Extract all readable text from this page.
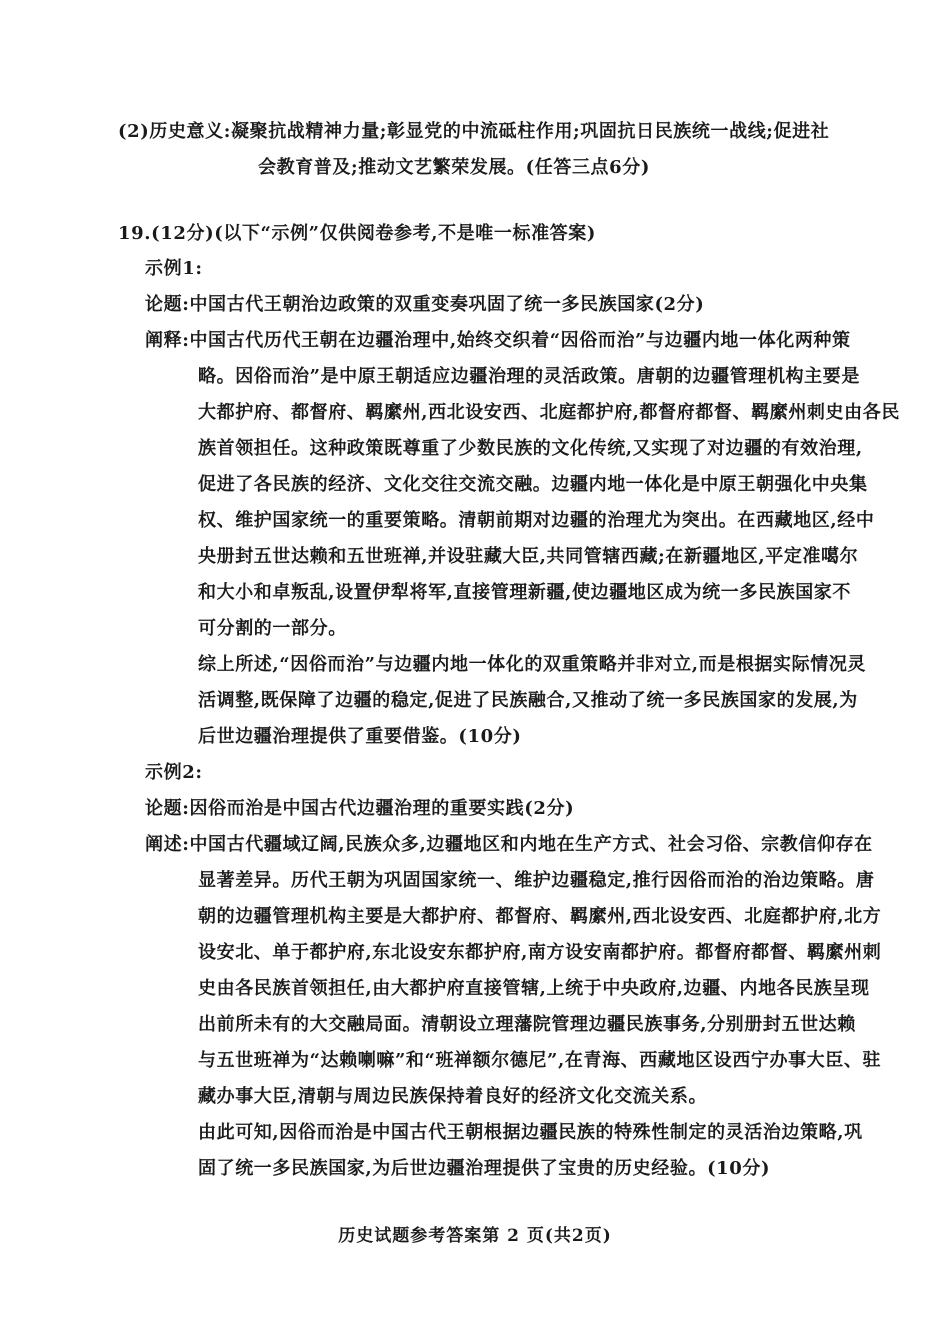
(2)历史意义:凝聚抗战精神力量;彰显党的中流砥柱作用;巩固抗日民族统一战线;促进社
会教育普及;推动文艺繁荣发展。(任答三点6分)
19.(12分)(以下“示例”仅供阅卷参考,不是唯一标准答案)
示例1:
论题:中国古代王朝治边政策的双重变奏巩固了统一多民族国家(2分)
阐释:中国古代历代王朝在边疆治理中,始终交织着“因俗而治”与边疆内地一体化两种策
略。因俗而治”是中原王朝适应边疆治理的灵活政策。唐朝的边疆管理机构主要是
大都护府、都督府、羁縻州,西北设安西、北庭都护府,都督府都督、羁縻州刺史由各民
族首领担任。这种政策既尊重了少数民族的文化传统,又实现了对边疆的有效治理,
促进了各民族的经济、文化交往交流交融。边疆内地一体化是中原王朝强化中央集
权、维护国家统一的重要策略。清朝前期对边疆的治理尤为突出。在西藏地区,经中
央册封五世达赖和五世班禅,并设驻藏大臣,共同管辖西藏;在新疆地区,平定准噶尔
和大小和卓叛乱,设置伊犁将军,直接管理新疆,使边疆地区成为统一多民族国家不
可分割的一部分。
综上所述,“因俗而治”与边疆内地一体化的双重策略并非对立,而是根据实际情况灵
活调整,既保障了边疆的稳定,促进了民族融合,又推动了统一多民族国家的发展,为
后世边疆治理提供了重要借鉴。(10分)
示例2:
论题:因俗而治是中国古代边疆治理的重要实践(2分)
阐述:中国古代疆域辽阔,民族众多,边疆地区和内地在生产方式、社会习俗、宗教信仰存在
显著差异。历代王朝为巩固国家统一、维护边疆稳定,推行因俗而治的治边策略。唐
朝的边疆管理机构主要是大都护府、都督府、羁縻州,西北设安西、北庭都护府,北方
设安北、单于都护府,东北设安东都护府,南方设安南都护府。都督府都督、羁縻州刺
史由各民族首领担任,由大都护府直接管辖,上统于中央政府,边疆、内地各民族呈现
出前所未有的大交融局面。清朝设立理藩院管理边疆民族事务,分别册封五世达赖
与五世班禅为“达赖喇嘛”和“班禅额尔德尼”,在青海、西藏地区设西宁办事大臣、驻
藏办事大臣,清朝与周边民族保持着良好的经济文化交流关系。
由此可知,因俗而治是中国古代王朝根据边疆民族的特殊性制定的灵活治边策略,巩
固了统一多民族国家,为后世边疆治理提供了宝贵的历史经验。(10分)
历史试题参考答案第 2 页(共2页)
